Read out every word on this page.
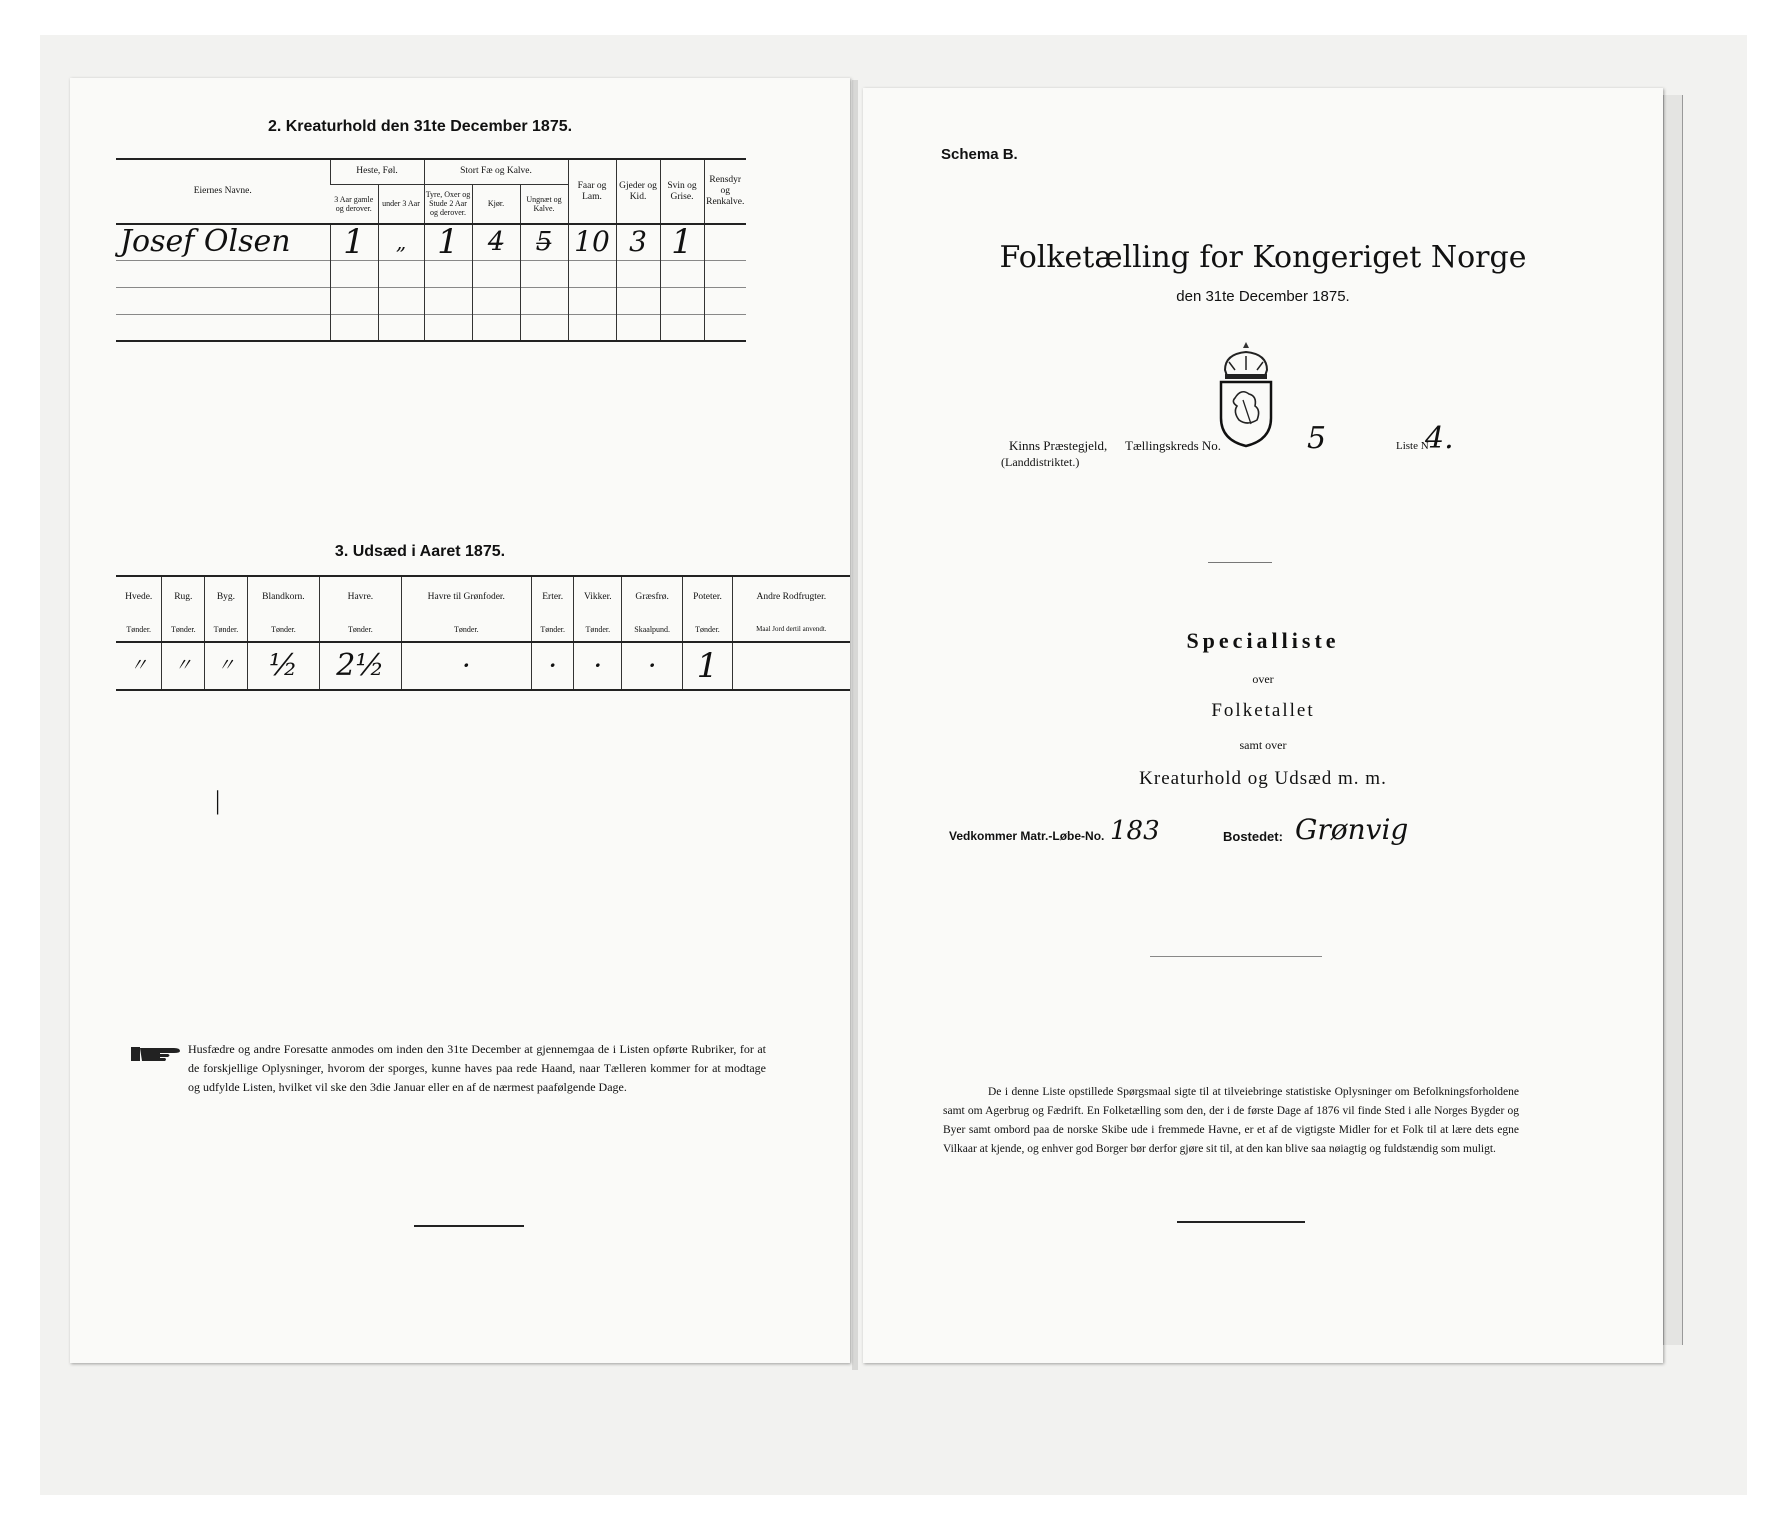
2. Kreaturhold den 31te December 1875.
Eiernes Navne.	Heste, Føl.		Stort Fæ og Kalve.			Faar og Lam.	Gjeder og Kid.	Svin og Grise.	Rensdyr og Renkalve.
	3 Aar gamle og derover.	under 3 Aar	Tyre, Oxer og Stude 2 Aar og derover.	Kjør.	Ungnæt og Kalve.				
Josef Olsen	1	„	1	4̶	5̶	10	3	1	

3. Udsæd i Aaret 1875.
Hvede.	Rug.	Byg.	Blandkorn.	Havre.	Havre til Grønfoder.	Erter.	Vikker.	Græsfrø.	Poteter.	Andre Rodfrugter.
Tønder.	Tønder.	Tønder.	Tønder.	Tønder.	Tønder.	Tønder.	Tønder.	Skaalpund.	Tønder.	Maal Jord dertil anvendt.
〃	〃	〃	½	2½	·	·	·	·	1	
|
Husfædre og andre Foresatte anmodes om inden den 31te December at gjennemgaa de i Listen opførte Rubriker, for at de forskjellige Oplysninger, hvorom der sporges, kunne haves paa rede Haand, naar Tælleren kommer for at modtage og udfylde Listen, hvilket vil ske den 3die Januar eller en af de nærmest paafølgende Dage.
Schema B.
Folketælling for Kongeriget Norge
den 31te December 1875.
Kinns Præstegjeld,
(Landdistriktet.)
Tællingskreds No.	5	Liste N
4.
Specialliste
over
Folketallet
samt over
Kreaturhold og Udsæd m. m.
Vedkommer Matr.-Løbe-No. 183	Bostedet: Grønvig
De i denne Liste opstillede Spørgsmaal sigte til at tilveiebringe statistiske Oplysninger om Befolkningsforholdene samt om Agerbrug og Fædrift. En Folketælling som den, der i de første Dage af 1876 vil finde Sted i alle Norges Bygder og Byer samt ombord paa de norske Skibe ude i fremmede Havne, er et af de vigtigste Midler for et Folk til at lære dets egne Vilkaar at kjende, og enhver god Borger bør derfor gjøre sit til, at den kan blive saa nøiagtig og fuldstændig som muligt.
